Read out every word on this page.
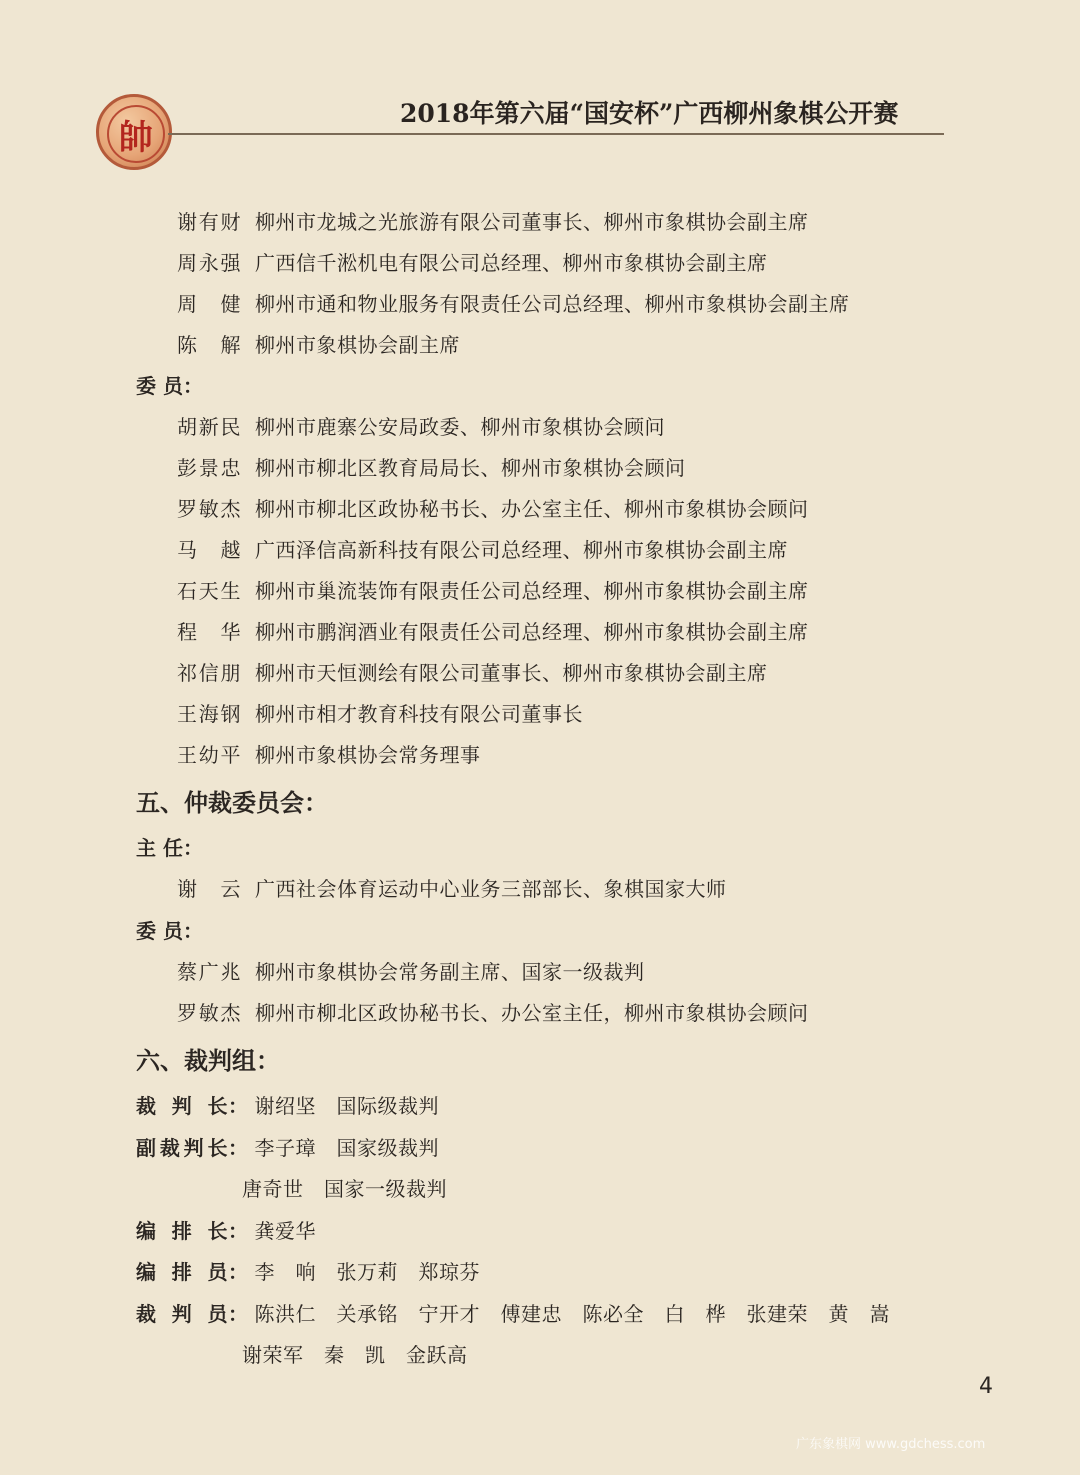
帥
2018年第六届“国安杯”广西柳州象棋公开赛
谢有财 柳州市龙城之光旅游有限公司董事长、柳州市象棋协会副主席
周永强 广西信千淞机电有限公司总经理、柳州市象棋协会副主席
周　健 柳州市通和物业服务有限责任公司总经理、柳州市象棋协会副主席
陈　解 柳州市象棋协会副主席
委 员：
胡新民 柳州市鹿寨公安局政委、柳州市象棋协会顾问
彭景忠 柳州市柳北区教育局局长、柳州市象棋协会顾问
罗敏杰 柳州市柳北区政协秘书长、办公室主任、柳州市象棋协会顾问
马　越 广西泽信高新科技有限公司总经理、柳州市象棋协会副主席
石天生 柳州市巢流装饰有限责任公司总经理、柳州市象棋协会副主席
程　华 柳州市鹏润酒业有限责任公司总经理、柳州市象棋协会副主席
祁信朋 柳州市天恒测绘有限公司董事长、柳州市象棋协会副主席
王海钢 柳州市相才教育科技有限公司董事长
王幼平 柳州市象棋协会常务理事
五、仲裁委员会：
主 任：
谢　云 广西社会体育运动中心业务三部部长、象棋国家大师
委 员：
蔡广兆 柳州市象棋协会常务副主席、国家一级裁判
罗敏杰 柳州市柳北区政协秘书长、办公室主任，柳州市象棋协会顾问
六、裁判组：
裁判长： 谢绍坚　国际级裁判
副裁判长： 李子璋　国家级裁判
唐奇世　国家一级裁判
编排长： 龚爱华
编排员： 李　响　张万莉　郑琼芬
裁判员： 陈洪仁　关承铭　宁开才　傅建忠　陈必全　白　桦　张建荣　黄　嵩
谢荣军　秦　凯　金跃高
4
广东象棋网 www.gdchess.com
